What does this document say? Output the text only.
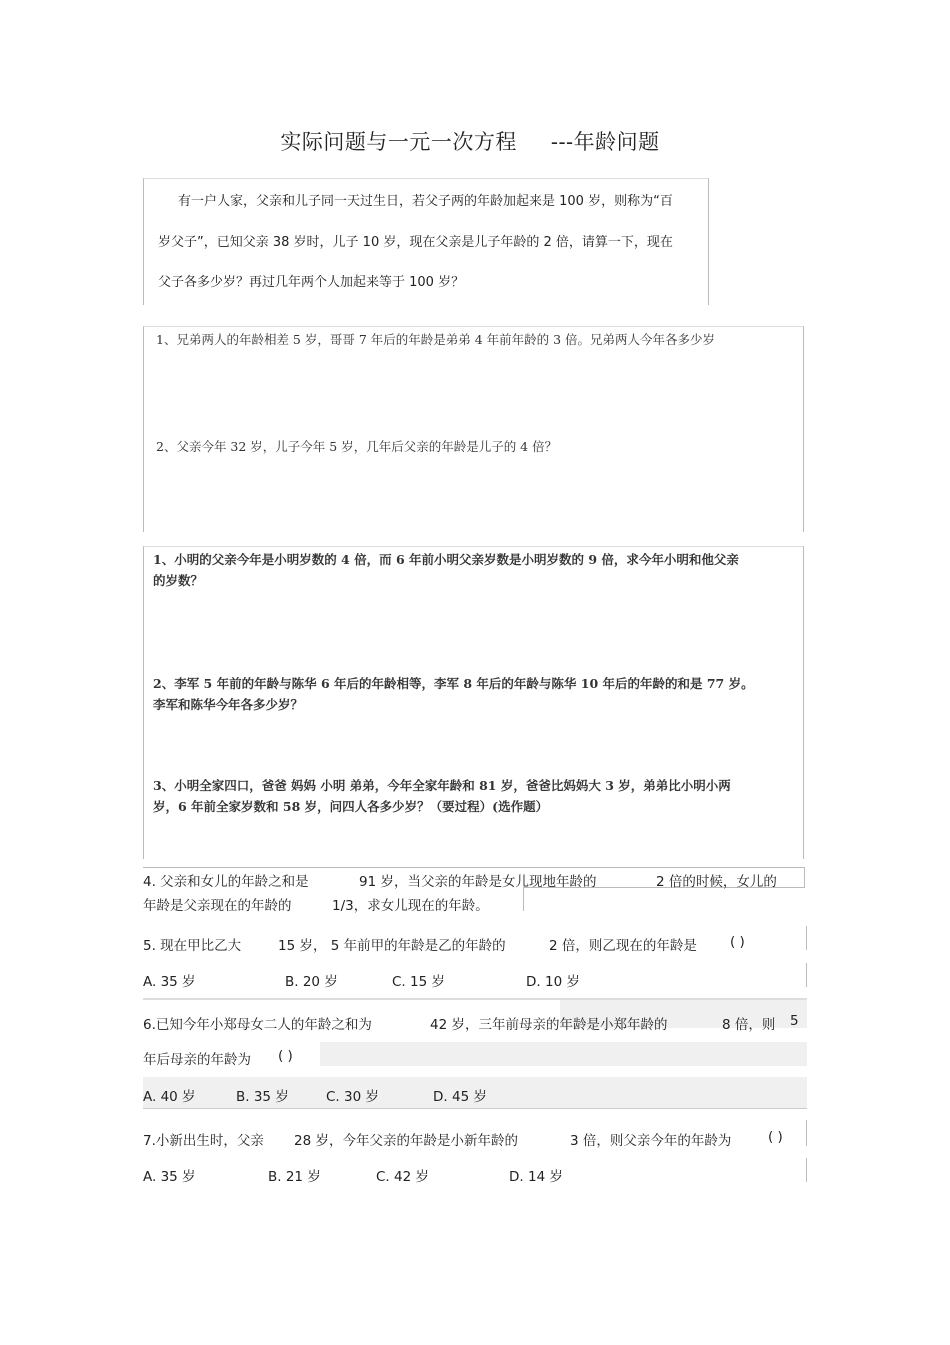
实际问题与一元一次方程 ---年龄问题
有一户人家，父亲和儿子同一天过生日，若父子两的年龄加起来是 100 岁，则称为“百
岁父子”，已知父亲 38 岁时，儿子 10 岁，现在父亲是儿子年龄的 2 倍，请算一下，现在
父子各多少岁？再过几年两个人加起来等于 100 岁？
1、兄弟两人的年龄相差 5 岁，哥哥 7 年后的年龄是弟弟 4 年前年龄的 3 倍。兄弟两人今年各多少岁
2、父亲今年 32 岁，儿子今年 5 岁，几年后父亲的年龄是儿子的 4 倍？
1、小明的父亲今年是小明岁数的 4 倍，而 6 年前小明父亲岁数是小明岁数的 9 倍，求今年小明和他父亲
的岁数？
2、李军 5 年前的年龄与陈华 6 年后的年龄相等，李军 8 年后的年龄与陈华 10 年后的年龄的和是 77 岁。
李军和陈华今年各多少岁？
3、小明全家四口，爸爸 妈妈 小明 弟弟，今年全家年龄和 81 岁，爸爸比妈妈大 3 岁，弟弟比小明小两
岁，6 年前全家岁数和 58 岁，问四人各多少岁？（要过程）(选作题）
4. 父亲和女儿的年龄之和是	91 岁，当父亲的年龄是女儿现地年龄的	2 倍的时候，女儿的
年龄是父亲现在的年龄的	1/3，求女儿现在的年龄。
5. 现在甲比乙大	15 岁， 5 年前甲的年龄是乙的年龄的	2 倍，则乙现在的年龄是 ( )
A. 35 岁	B. 20 岁	C. 15 岁	D. 10 岁
6.已知今年小郑母女二人的年龄之和为	42 岁，三年前母亲的年龄是小郑年龄的	8 倍，则 5
年后母亲的年龄为 ( )
A. 40 岁	B. 35 岁	C. 30 岁	D. 45 岁
7.小新出生时，父亲 28 岁，今年父亲的年龄是小新年龄的	3 倍，则父亲今年的年龄为	( )
A. 35 岁	B. 21 岁	C. 42 岁	D. 14 岁
